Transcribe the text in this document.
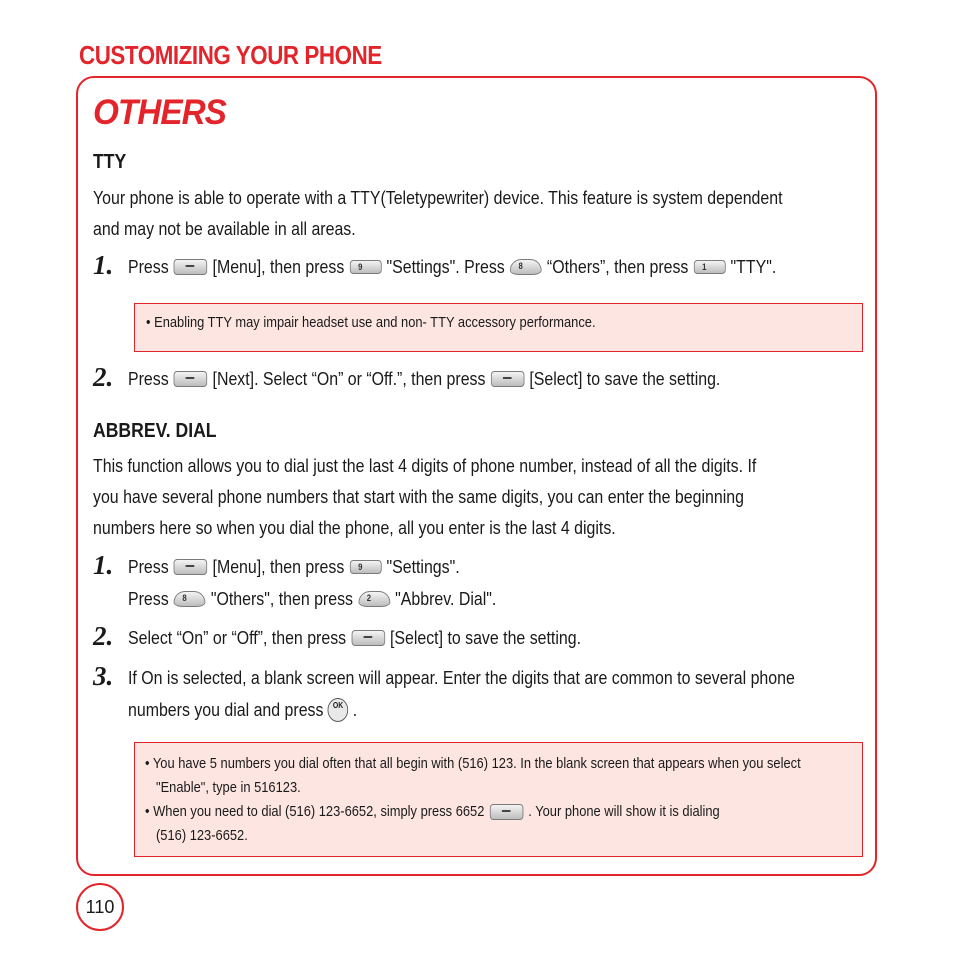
CUSTOMIZING YOUR PHONE
OTHERS
TTY
Your phone is able to operate with a TTY(Teletypewriter) device. This feature is system dependent
and may not be available in all areas.
1. Press [Menu], then press	9	"Settings". Press	8	“Others”, then press	1	"TTY".
• Enabling TTY may impair headset use and non- TTY accessory performance.
2. Press [Next]. Select “On” or “Off.”, then press [Select] to save the setting.
ABBREV. DIAL
This function allows you to dial just the last 4 digits of phone number, instead of all the digits. If
you have several phone numbers that start with the same digits, you can enter the beginning
numbers here so when you dial the phone, all you enter is the last 4 digits.
1. Press [Menu], then press	9	"Settings".
Press	8	"Others", then press	2	"Abbrev. Dial".
2. Select “On” or “Off”, then press [Select] to save the setting.
3. If On is selected, a blank screen will appear. Enter the digits that are common to several phone
numbers you dial and press	OK .
• You have 5 numbers you dial often that all begin with (516) 123. In the blank screen that appears when you select
"Enable", type in 516123.
• When you need to dial (516) 123-6652, simply press 6652	. Your phone will show it is dialing
(516) 123-6652.
110
